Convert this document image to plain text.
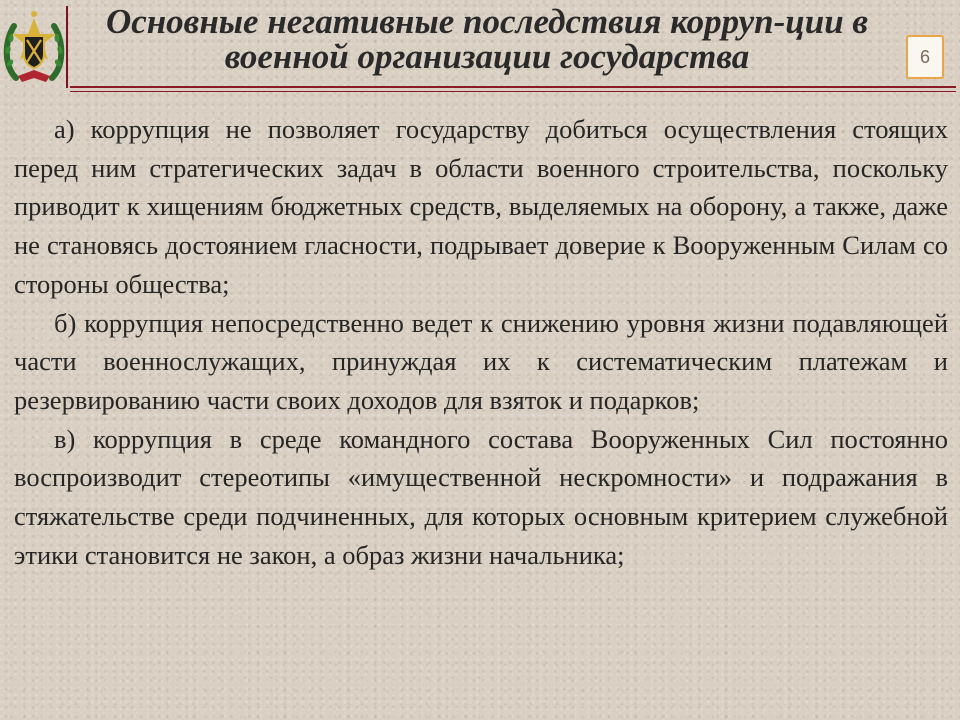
Основные негативные последствия корруп-ции в военной организации государства	6

а) коррупция не позволяет государству добиться осуществления стоящих перед ним стратегических задач в области военного строительства, поскольку приводит к хищениям бюджетных средств, выделяемых на оборону, а также, даже не становясь достоянием гласности, подрывает доверие к Вооруженным Силам со стороны общества;

б) коррупция непосредственно ведет к снижению уровня жизни подавляющей части военнослужащих, принуждая их к систематическим платежам и резервированию части своих доходов для взяток и подарков;

в) коррупция в среде командного состава Вооруженных Сил постоянно воспроизводит стереотипы «имущественной нескромности» и подражания в стяжательстве среди подчиненных, для которых основным критерием служебной этики становится не закон, а образ жизни начальника;
